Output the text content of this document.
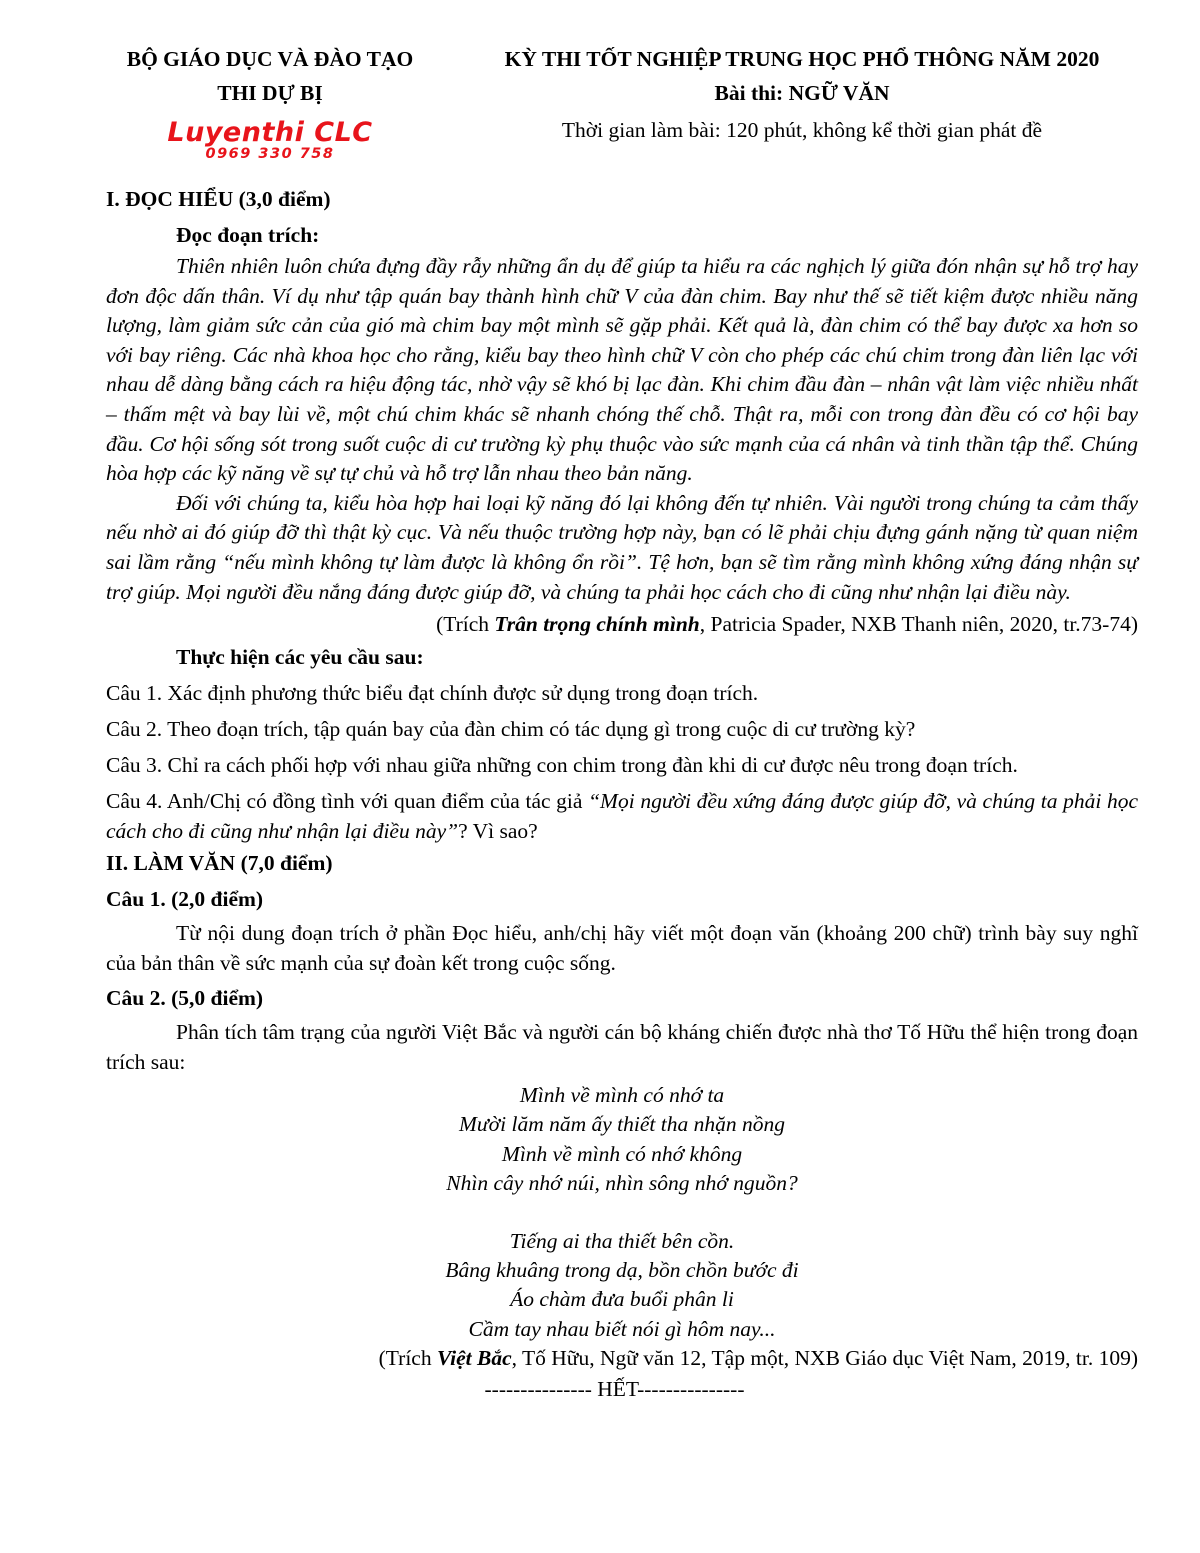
BỘ GIÁO DỤC VÀ ĐÀO TẠO
THI DỰ BỊ
Luyenthi CLC
0969 330 758
KỲ THI TỐT NGHIỆP TRUNG HỌC PHỔ THÔNG NĂM 2020
Bài thi: NGỮ VĂN
Thời gian làm bài: 120 phút, không kể thời gian phát đề

I. ĐỌC HIỂU (3,0 điểm)

Đọc đoạn trích:

Thiên nhiên luôn chứa đựng đầy rẫy những ẩn dụ để giúp ta hiểu ra các nghịch lý giữa đón nhận sự hỗ trợ hay đơn độc dấn thân. Ví dụ như tập quán bay thành hình chữ V của đàn chim. Bay như thế sẽ tiết kiệm được nhiều năng lượng, làm giảm sức cản của gió mà chim bay một mình sẽ gặp phải. Kết quả là, đàn chim có thể bay được xa hơn so với bay riêng. Các nhà khoa học cho rằng, kiểu bay theo hình chữ V còn cho phép các chú chim trong đàn liên lạc với nhau dễ dàng bằng cách ra hiệu động tác, nhờ vậy sẽ khó bị lạc đàn. Khi chim đầu đàn – nhân vật làm việc nhiều nhất – thấm mệt và bay lùi về, một chú chim khác sẽ nhanh chóng thế chỗ. Thật ra, mỗi con trong đàn đều có cơ hội bay đầu. Cơ hội sống sót trong suốt cuộc di cư trường kỳ phụ thuộc vào sức mạnh của cá nhân và tinh thần tập thể. Chúng hòa hợp các kỹ năng về sự tự chủ và hỗ trợ lẫn nhau theo bản năng.

Đối với chúng ta, kiểu hòa hợp hai loại kỹ năng đó lại không đến tự nhiên. Vài người trong chúng ta cảm thấy nếu nhờ ai đó giúp đỡ thì thật kỳ cục. Và nếu thuộc trường hợp này, bạn có lẽ phải chịu đựng gánh nặng từ quan niệm sai lầm rằng “nếu mình không tự làm được là không ổn rồi”. Tệ hơn, bạn sẽ tìm rằng mình không xứng đáng nhận sự trợ giúp. Mọi người đều nắng đáng được giúp đỡ, và chúng ta phải học cách cho đi cũng như nhận lại điều này.

(Trích Trân trọng chính mình, Patricia Spader, NXB Thanh niên, 2020, tr.73-74)

Thực hiện các yêu cầu sau:

Câu 1. Xác định phương thức biểu đạt chính được sử dụng trong đoạn trích.

Câu 2. Theo đoạn trích, tập quán bay của đàn chim có tác dụng gì trong cuộc di cư trường kỳ?

Câu 3. Chỉ ra cách phối hợp với nhau giữa những con chim trong đàn khi di cư được nêu trong đoạn trích.

Câu 4. Anh/Chị có đồng tình với quan điểm của tác giả “Mọi người đều xứng đáng được giúp đỡ, và chúng ta phải học cách cho đi cũng như nhận lại điều này”? Vì sao?

II. LÀM VĂN (7,0 điểm)

Câu 1. (2,0 điểm)

Từ nội dung đoạn trích ở phần Đọc hiểu, anh/chị hãy viết một đoạn văn (khoảng 200 chữ) trình bày suy nghĩ của bản thân về sức mạnh của sự đoàn kết trong cuộc sống.

Câu 2. (5,0 điểm)

Phân tích tâm trạng của người Việt Bắc và người cán bộ kháng chiến được nhà thơ Tố Hữu thể hiện trong đoạn trích sau:

Mình về mình có nhớ ta
Mười lăm năm ấy thiết tha nhặn nồng
Mình về mình có nhớ không
Nhìn cây nhớ núi, nhìn sông nhớ nguồn?
Tiếng ai tha thiết bên cồn.
Bâng khuâng trong dạ, bồn chồn bước đi
Áo chàm đưa buổi phân li
Cầm tay nhau biết nói gì hôm nay...

(Trích Việt Bắc, Tố Hữu, Ngữ văn 12, Tập một, NXB Giáo dục Việt Nam, 2019, tr. 109)

--------------- HẾT---------------
